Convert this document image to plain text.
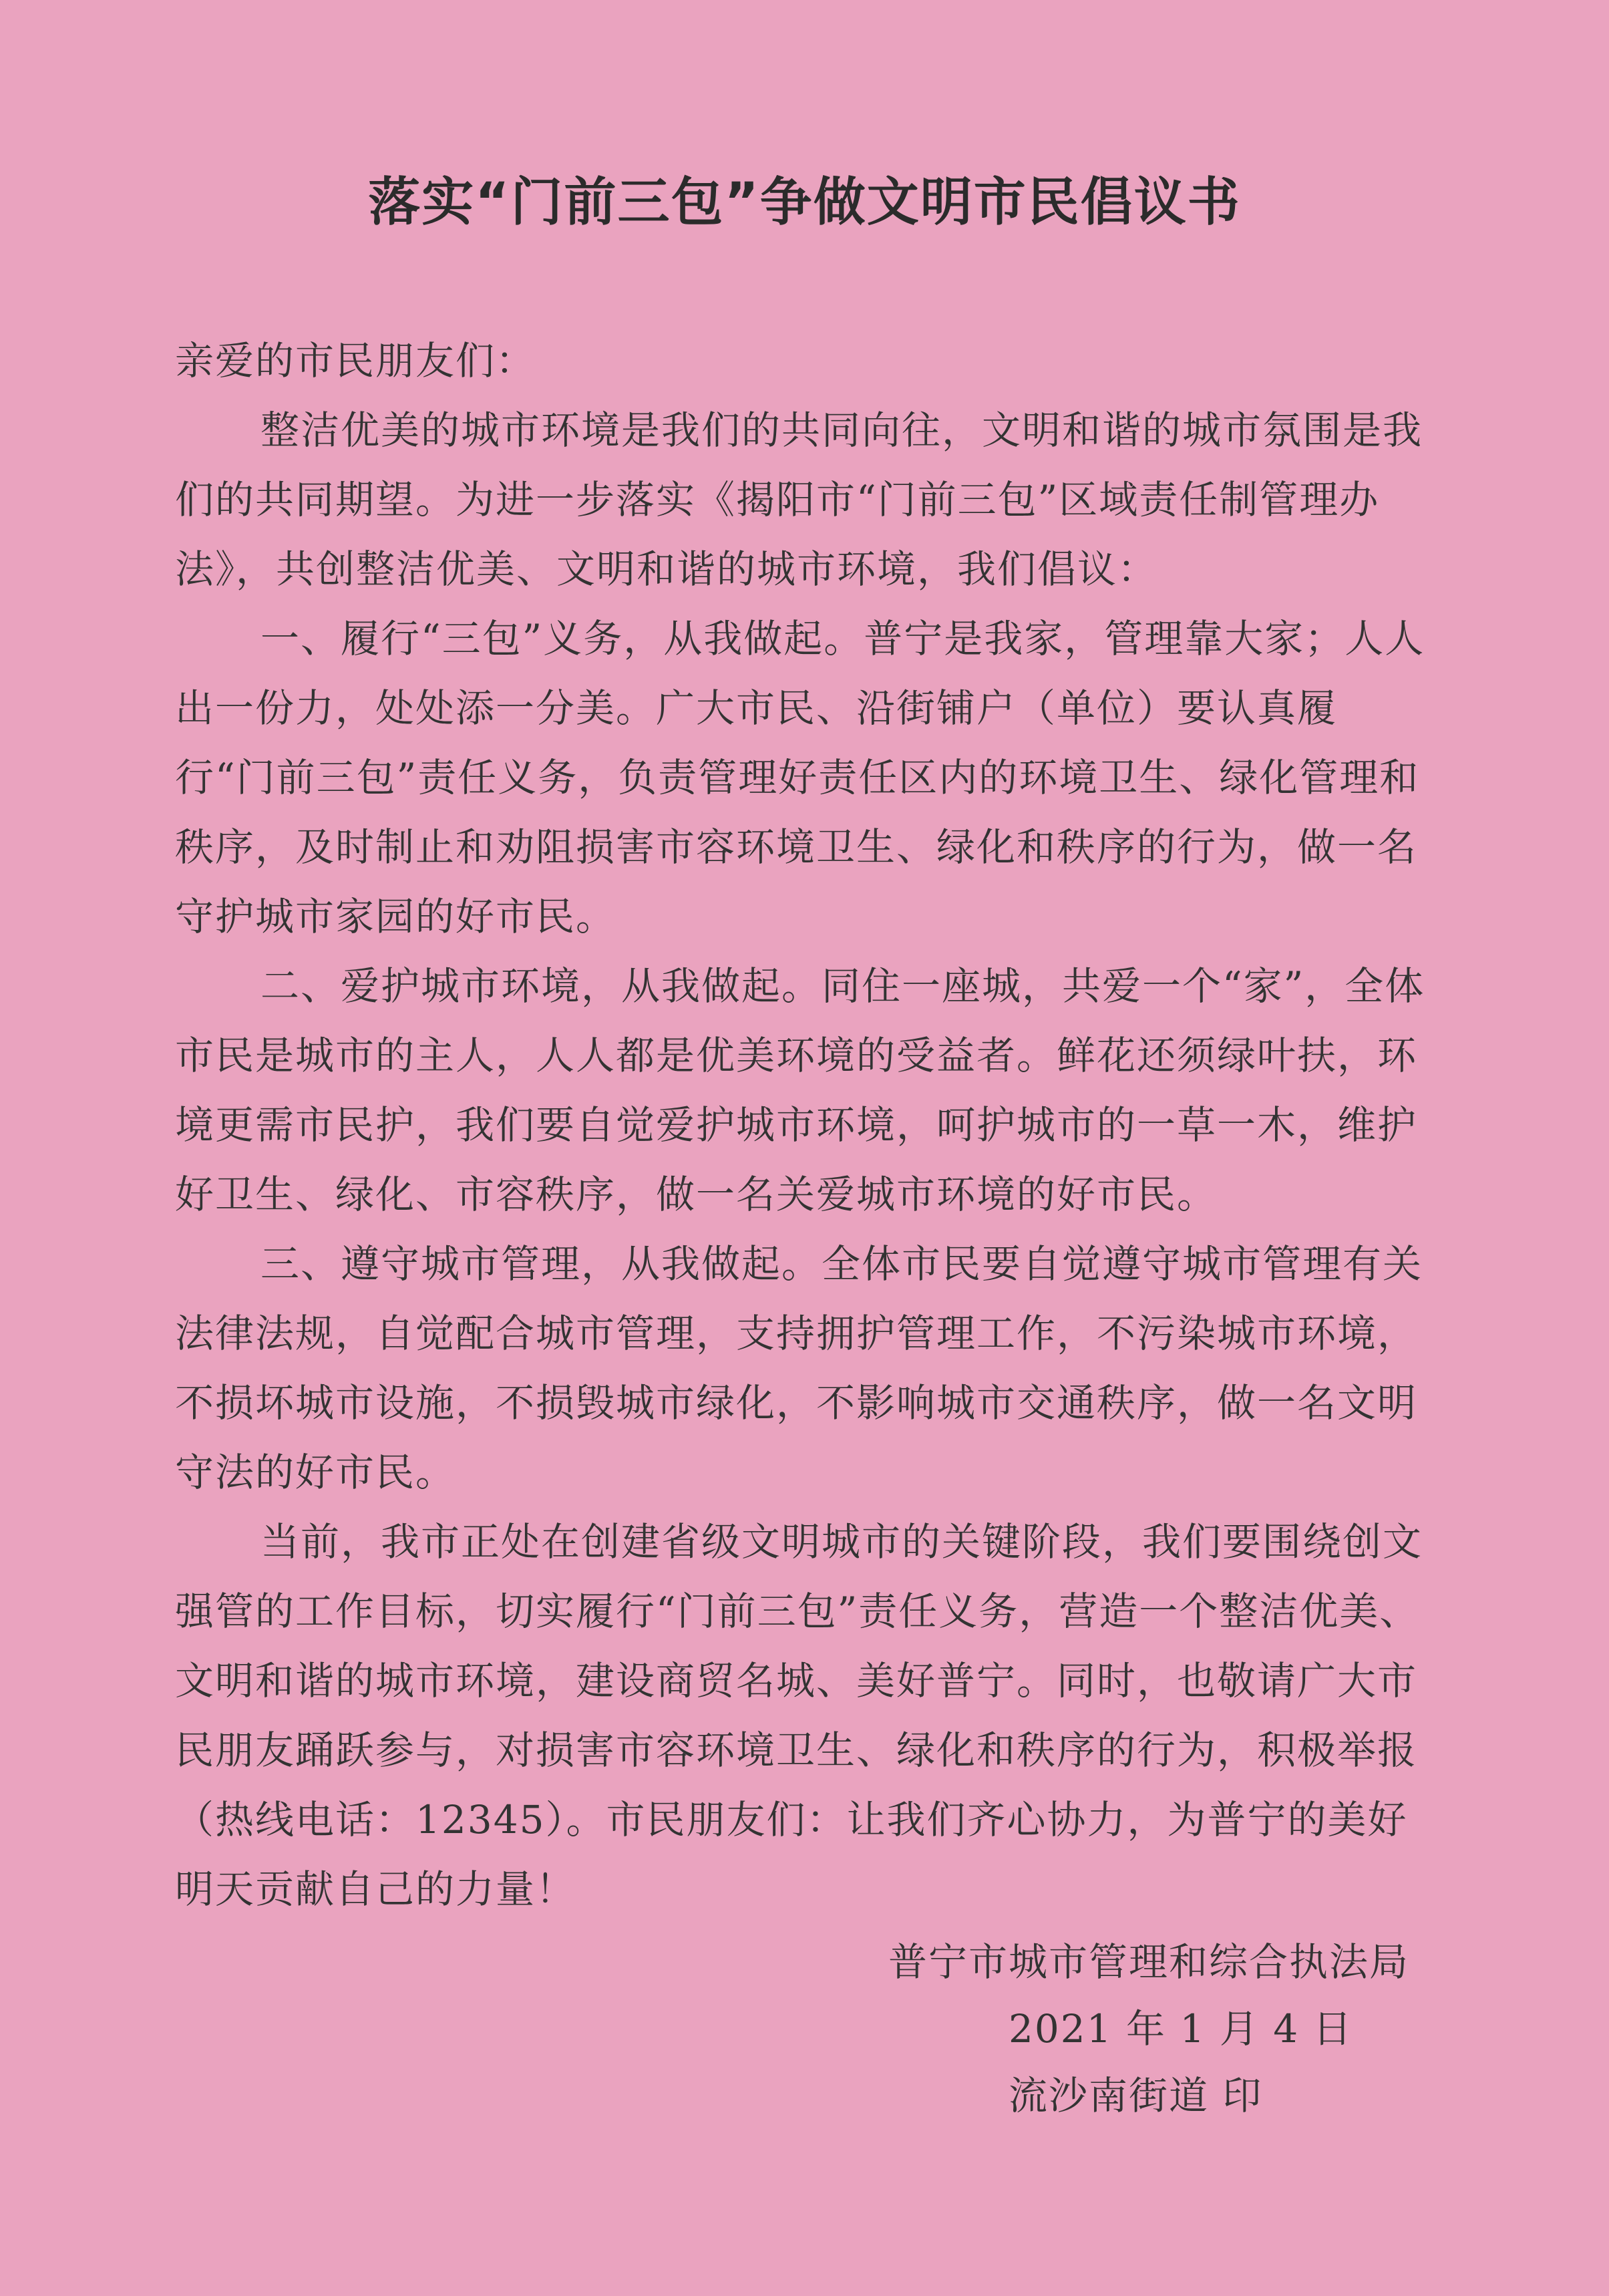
落实“门前三包”争做文明市民倡议书

亲爱的市民朋友们：

整洁优美的城市环境是我们的共同向往，文明和谐的城市氛围是我们的共同期望。为进一步落实《揭阳市“门前三包”区域责任制管理办法》，共创整洁优美、文明和谐的城市环境，我们倡议：

一、履行“三包”义务，从我做起。普宁是我家，管理靠大家；人人出一份力，处处添一分美。广大市民、沿街铺户（单位）要认真履行“门前三包”责任义务，负责管理好责任区内的环境卫生、绿化管理和秩序，及时制止和劝阻损害市容环境卫生、绿化和秩序的行为，做一名守护城市家园的好市民。

二、爱护城市环境，从我做起。同住一座城，共爱一个“家”，全体市民是城市的主人，人人都是优美环境的受益者。鲜花还须绿叶扶，环境更需市民护，我们要自觉爱护城市环境，呵护城市的一草一木，维护好卫生、绿化、市容秩序，做一名关爱城市环境的好市民。

三、遵守城市管理，从我做起。全体市民要自觉遵守城市管理有关法律法规，自觉配合城市管理，支持拥护管理工作，不污染城市环境，不损坏城市设施，不损毁城市绿化，不影响城市交通秩序，做一名文明守法的好市民。

当前，我市正处在创建省级文明城市的关键阶段，我们要围绕创文强管的工作目标，切实履行“门前三包”责任义务，营造一个整洁优美、文明和谐的城市环境，建设商贸名城、美好普宁。同时，也敬请广大市民朋友踊跃参与，对损害市容环境卫生、绿化和秩序的行为，积极举报（热线电话：12345）。市民朋友们：让我们齐心协力，为普宁的美好明天贡献自己的力量！

普宁市城市管理和综合执法局
2021 年 1 月 4 日
流沙南街道 印
